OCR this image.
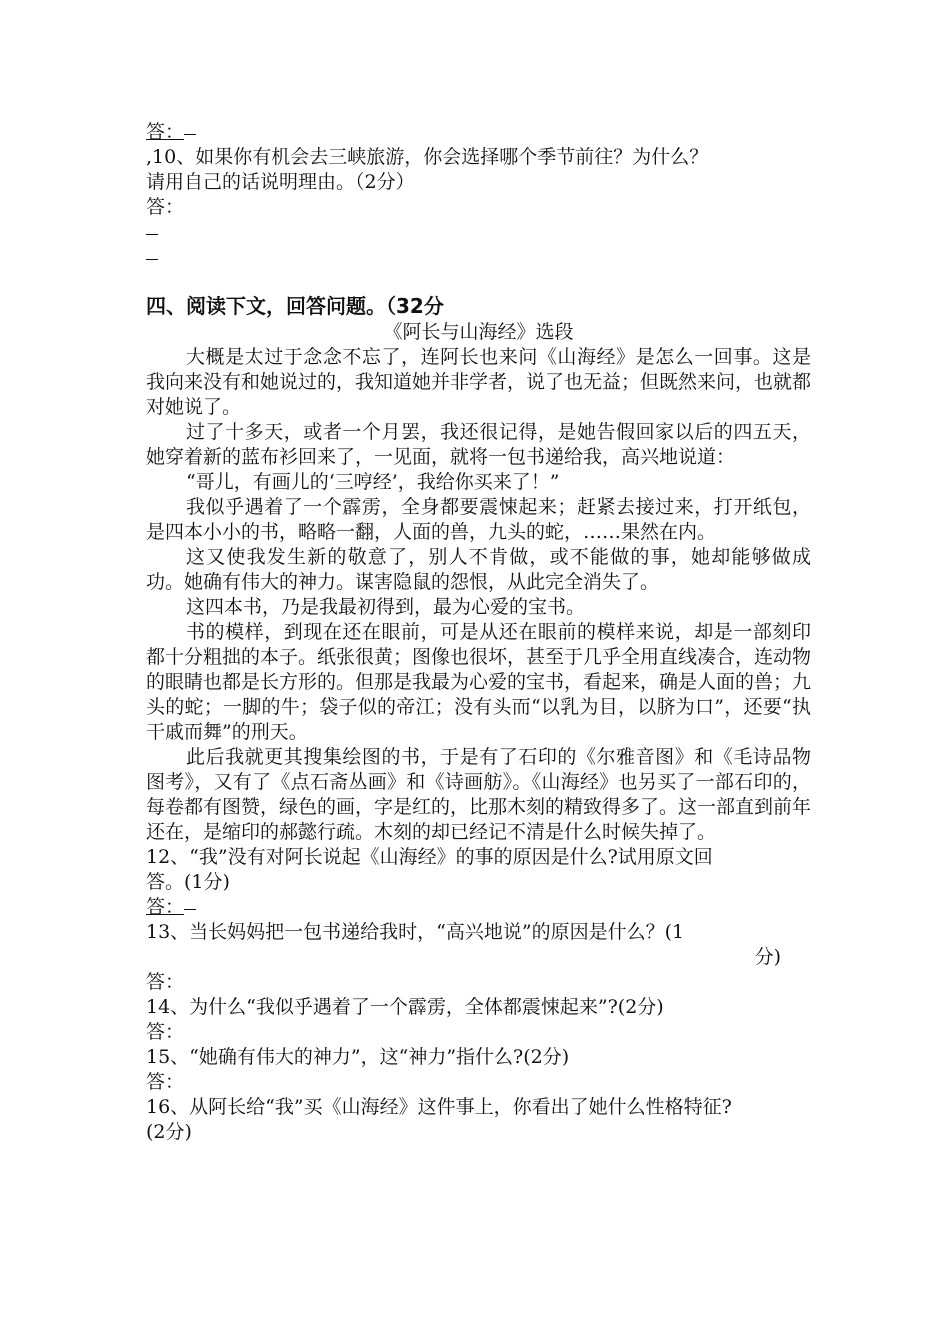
答：
,10、如果你有机会去三峡旅游，你会选择哪个季节前往？为什么？
请用自己的话说明理由。（2分）
答：
四、阅读下文，回答问题。（32分
《阿长与山海经》选段
大概是太过于念念不忘了，连阿长也来问《山海经》是怎么一回事。这是我向来没有和她说过的，我知道她并非学者，说了也无益；但既然来问，也就都对她说了。
过了十多天，或者一个月罢，我还很记得，是她告假回家以后的四五天，她穿着新的蓝布衫回来了，一见面，就将一包书递给我，高兴地说道：
“哥儿，有画儿的‘三哼经’，我给你买来了！”
我似乎遇着了一个霹雳，全身都要震悚起来；赶紧去接过来，打开纸包，是四本小小的书，略略一翻，人面的兽，九头的蛇，……果然在内。
这又使我发生新的敬意了，别人不肯做，或不能做的事，她却能够做成功。她确有伟大的神力。谋害隐鼠的怨恨，从此完全消失了。
这四本书，乃是我最初得到，最为心爱的宝书。
书的模样，到现在还在眼前，可是从还在眼前的模样来说，却是一部刻印都十分粗拙的本子。纸张很黄；图像也很坏，甚至于几乎全用直线凑合，连动物的眼睛也都是长方形的。但那是我最为心爱的宝书，看起来，确是人面的兽；九头的蛇；一脚的牛；袋子似的帝江；没有头而“以乳为目，以脐为口”，还要“执干戚而舞”的刑天。
此后我就更其搜集绘图的书，于是有了石印的《尔雅音图》和《毛诗品物图考》，又有了《点石斋丛画》和《诗画舫》。《山海经》也另买了一部石印的，每卷都有图赞，绿色的画，字是红的，比那木刻的精致得多了。这一部直到前年还在，是缩印的郝懿行疏。木刻的却已经记不清是什么时候失掉了。
12、“我”没有对阿长说起《山海经》的事的原因是什么?试用原文回
答。(1分)
答：
13、当长妈妈把一包书递给我时，“高兴地说”的原因是什么？(1
分)
答：
14、为什么“我似乎遇着了一个霹雳，全体都震悚起来”?(2分)
答：
15、“她确有伟大的神力”，这“神力”指什么?(2分)
答：
16、从阿长给“我”买《山海经》这件事上，你看出了她什么性格特征?
(2分)
